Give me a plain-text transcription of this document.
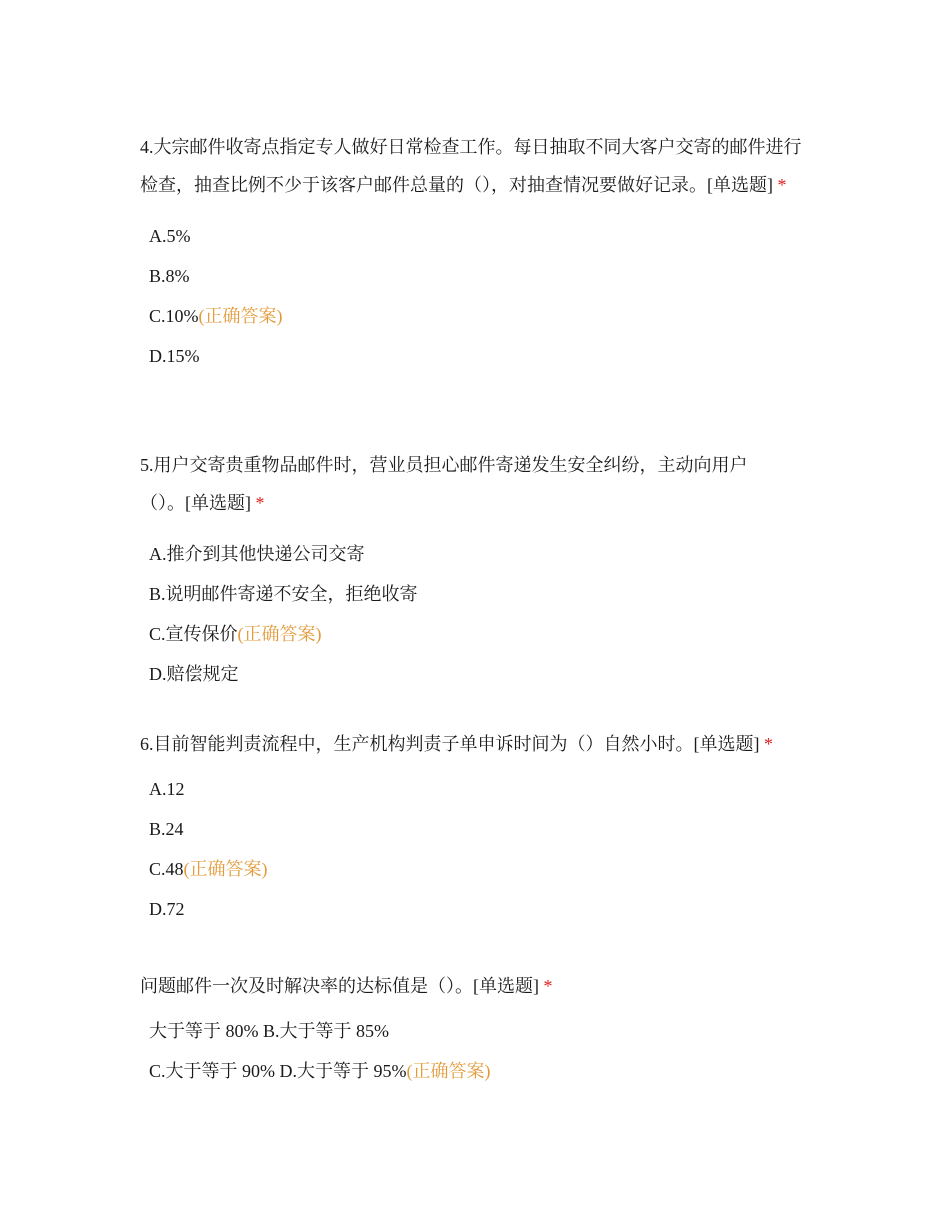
4.大宗邮件收寄点指定专人做好日常检查工作。每日抽取不同大客户交寄的邮件进行检查，抽查比例不少于该客户邮件总量的（），对抽查情况要做好记录。[单选题] *

A.5%
B.8%
C.10%(正确答案)
D.15%

5.用户交寄贵重物品邮件时，营业员担心邮件寄递发生安全纠纷，主动向用户（）。[单选题] *

A.推介到其他快递公司交寄
B.说明邮件寄递不安全，拒绝收寄
C.宣传保价(正确答案)
D.赔偿规定

6.目前智能判责流程中，生产机构判责子单申诉时间为（）自然小时。[单选题] *

A.12
B.24
C.48(正确答案)
D.72

问题邮件一次及时解决率的达标值是（）。[单选题] *

大于等于 80% B.大于等于 85%
C.大于等于 90% D.大于等于 95%(正确答案)
